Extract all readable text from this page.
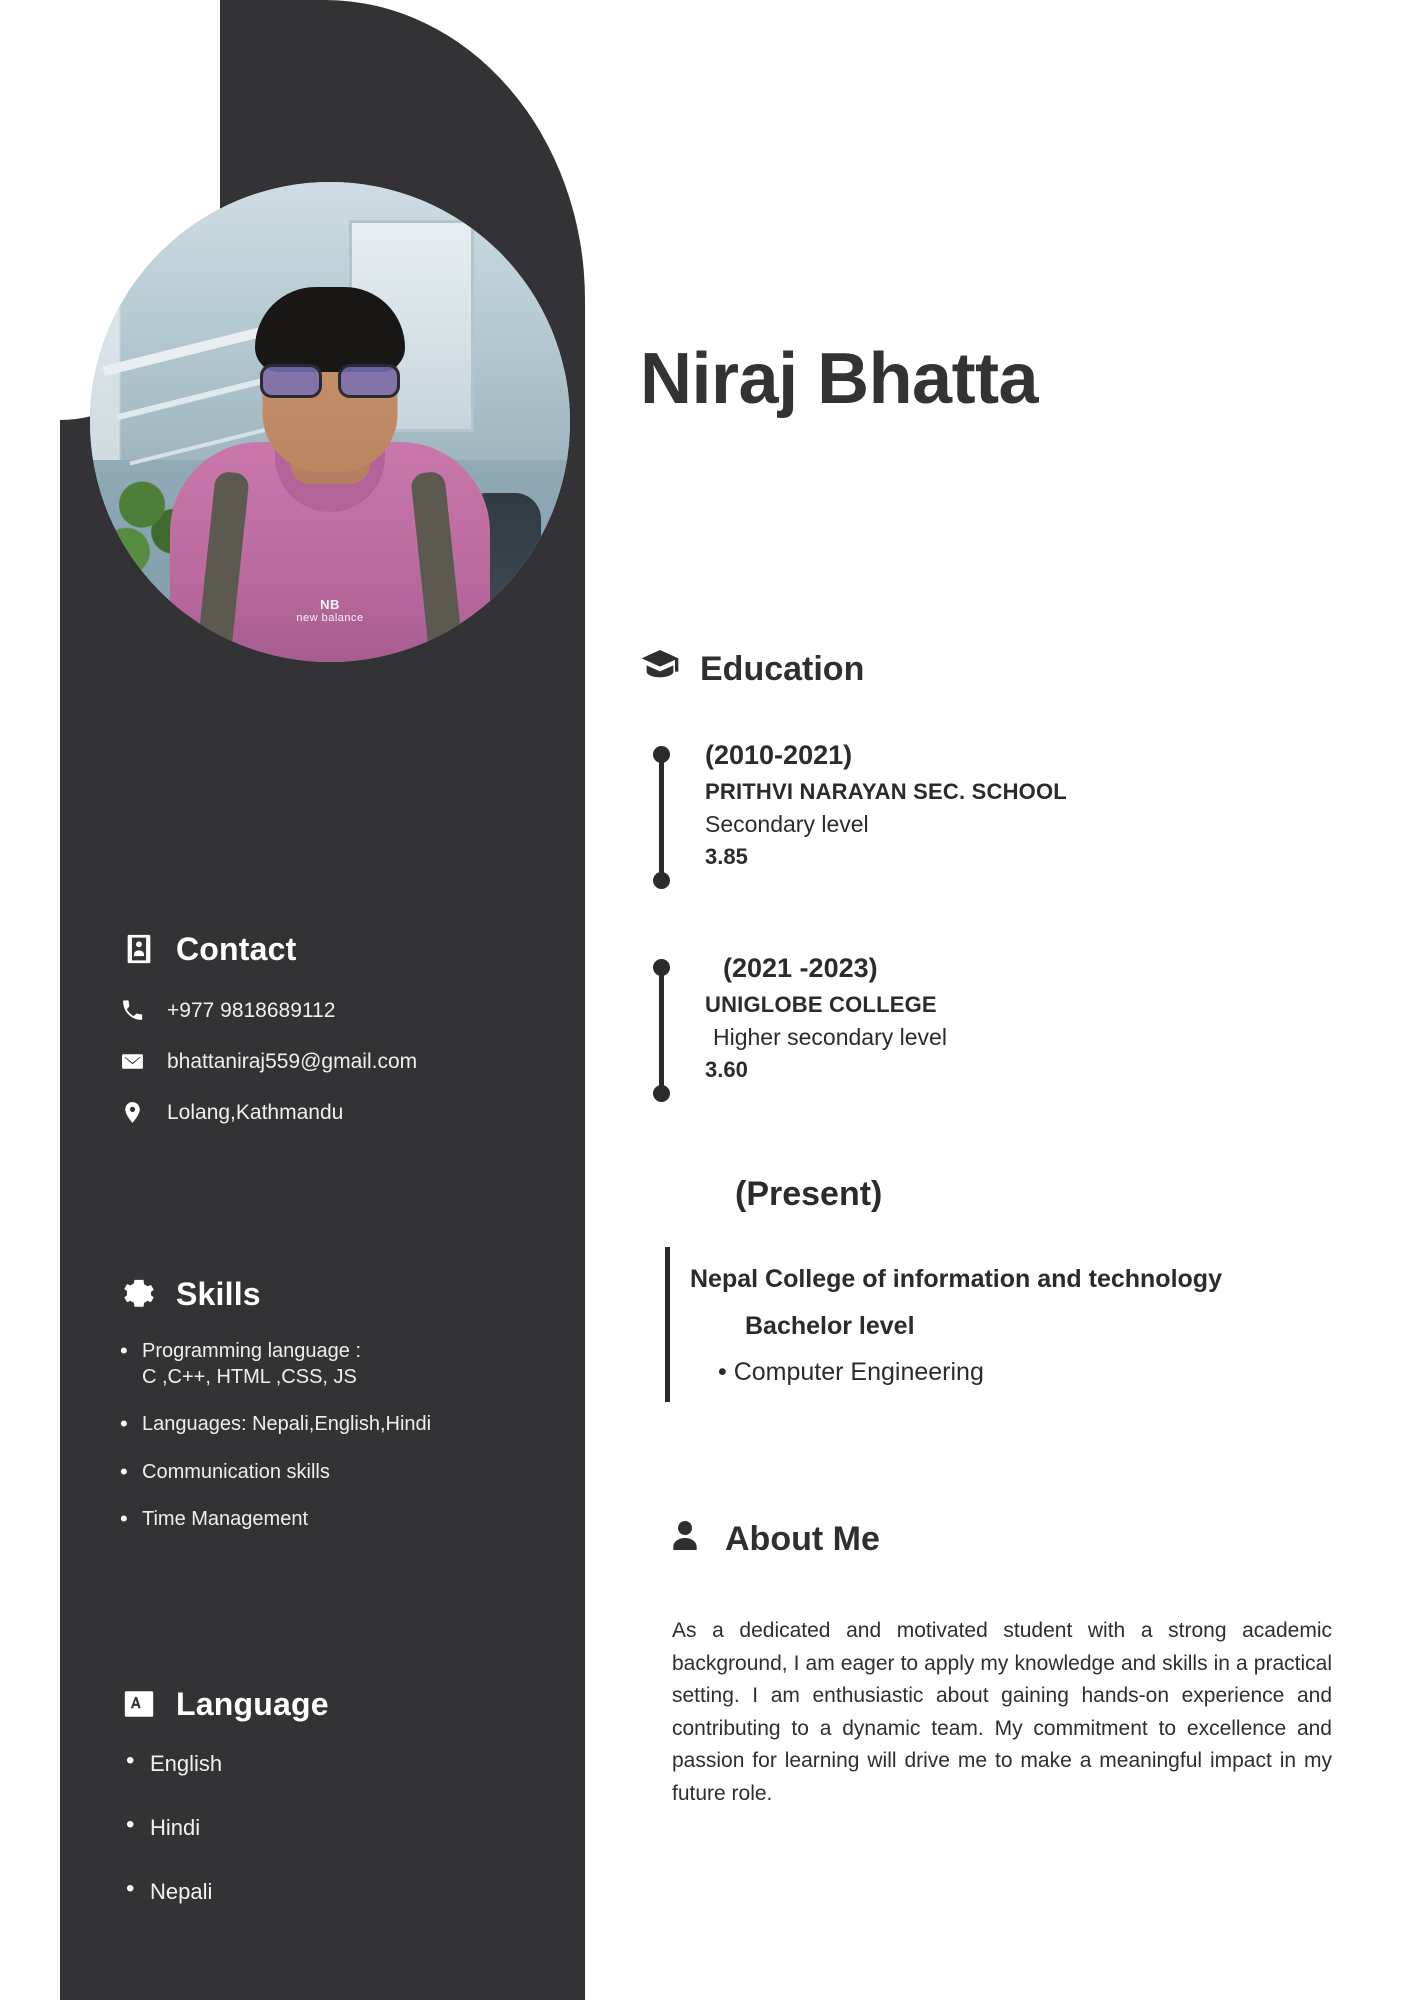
NB
new balance
Contact
+977 9818689112
bhattaniraj559@gmail.com
Lolang,Kathmandu
Skills
• Programming language :
C ,C++, HTML ,CSS, JS
• Languages: Nepali,English,Hindi
• Communication skills
• Time Management
Language
• English
• Hindi
• Nepali
Niraj Bhatta
Education
(2010-2021)
PRITHVI NARAYAN SEC. SCHOOL
Secondary level
3.85
(2021 -2023)
UNIGLOBE COLLEGE
Higher secondary level
3.60
(Present)
Nepal College of information and technology
Bachelor level
• Computer Engineering
About Me
As a dedicated and motivated student with a strong academic background, I am eager to apply my knowledge and skills in a practical setting. I am enthusiastic about gaining hands-on experience and contributing to a dynamic team. My commitment to excellence and passion for learning will drive me to make a meaningful impact in my future role.
